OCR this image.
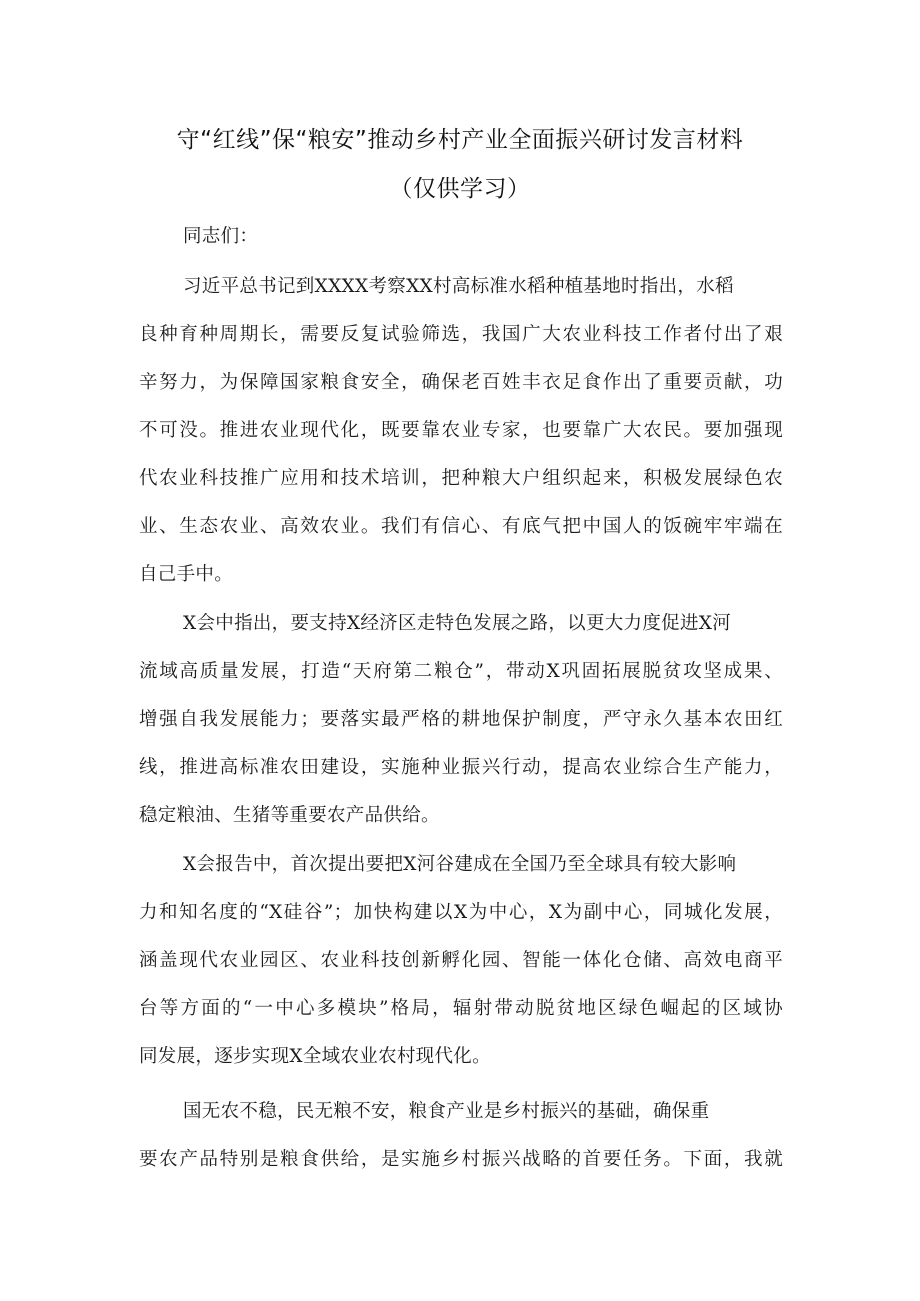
守“红线”保“粮安”推动乡村产业全面振兴研讨发言材料
（仅供学习）
同志们：
习近平总书记到XXXX考察XX村高标准水稻种植基地时指出，水稻
良种育种周期长，需要反复试验筛选，我国广大农业科技工作者付出了艰
辛努力，为保障国家粮食安全，确保老百姓丰衣足食作出了重要贡献，功
不可没。推进农业现代化，既要靠农业专家，也要靠广大农民。要加强现
代农业科技推广应用和技术培训，把种粮大户组织起来，积极发展绿色农
业、生态农业、高效农业。我们有信心、有底气把中国人的饭碗牢牢端在
自己手中。
X会中指出，要支持X经济区走特色发展之路，以更大力度促进X河
流域高质量发展，打造“天府第二粮仓”，带动X巩固拓展脱贫攻坚成果、
增强自我发展能力；要落实最严格的耕地保护制度，严守永久基本农田红
线，推进高标准农田建设，实施种业振兴行动，提高农业综合生产能力，
稳定粮油、生猪等重要农产品供给。
X会报告中，首次提出要把X河谷建成在全国乃至全球具有较大影响
力和知名度的“X硅谷”；加快构建以X为中心，X为副中心，同城化发展，
涵盖现代农业园区、农业科技创新孵化园、智能一体化仓储、高效电商平
台等方面的“一中心多模块”格局，辐射带动脱贫地区绿色崛起的区域协
同发展，逐步实现X全域农业农村现代化。
国无农不稳，民无粮不安，粮食产业是乡村振兴的基础，确保重
要农产品特别是粮食供给，是实施乡村振兴战略的首要任务。下面，我就
